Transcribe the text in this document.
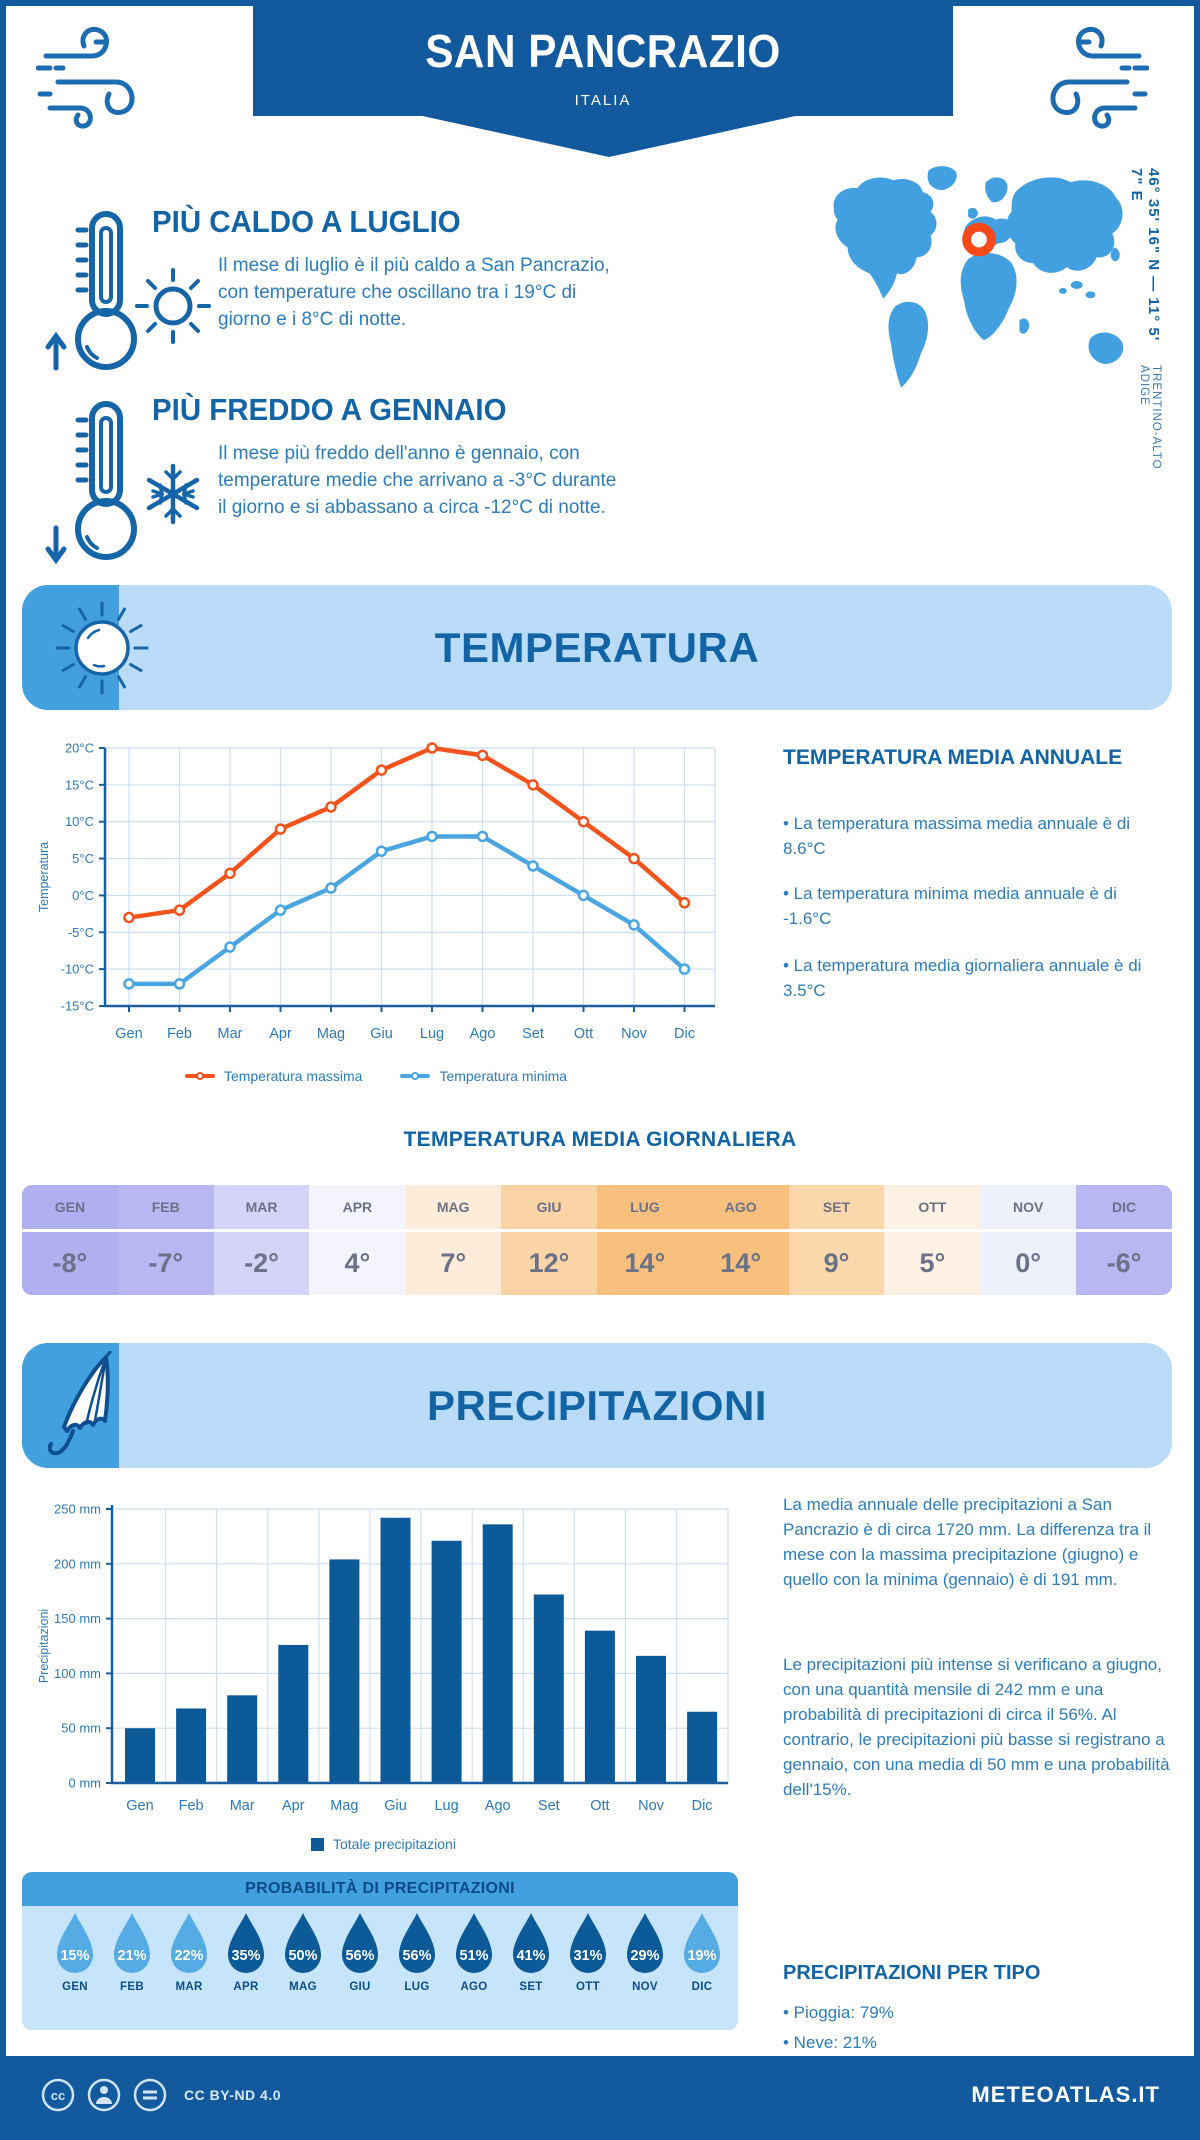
SAN PANCRAZIO
ITALIA
PIÙ CALDO A LUGLIO
Il mese di luglio è il più caldo a San Pancrazio, con temperature che oscillano tra i 19°C di giorno e i 8°C di notte.
PIÙ FREDDO A GENNAIO
Il mese più freddo dell'anno è gennaio, con temperature medie che arrivano a -3°C durante il giorno e si abbassano a circa -12°C di notte.
46° 35' 16" N — 11° 5' 7" E
TRENTINO-ALTO ADIGE
TEMPERATURA
-15°C
-10°C
-5°C
0°C
5°C
10°C
15°C
20°C
Gen Feb Mar Apr Mag Giu Lug Ago Set Ott Nov Dic
Temperatura
Temperatura massima	Temperatura minima
TEMPERATURA MEDIA ANNUALE
• La temperatura massima media annuale è di 8.6°C
• La temperatura minima media annuale è di -1.6°C
• La temperatura media giornaliera annuale è di 3.5°C
TEMPERATURA MEDIA GIORNALIERA
GEN
-8°
FEB
-7°
MAR
-2°
APR
4°
MAG
7°
GIU
12°
LUG
14°
AGO
14°
SET
9°
OTT
5°
NOV
0°
DIC
-6°
PRECIPITAZIONI
0 mm
50 mm
100 mm
150 mm
200 mm
250 mm
Gen Feb Mar Apr Mag Giu Lug Ago Set Ott Nov Dic
Precipitazioni
Totale precipitazioni
La media annuale delle precipitazioni a San Pancrazio è di circa 1720 mm. La differenza tra il mese con la massima precipitazione (giugno) e quello con la minima (gennaio) è di 191 mm.
Le precipitazioni più intense si verificano a giugno, con una quantità mensile di 242 mm e una probabilità di precipitazioni di circa il 56%. Al contrario, le precipitazioni più basse si registrano a gennaio, con una media di 50 mm e una probabilità dell'15%.
PROBABILITÀ DI PRECIPITAZIONI
15%
GEN
21%
FEB
22%
MAR
35%
APR
50%
MAG
56%
GIU
56%
LUG
51%
AGO
41%
SET
31%
OTT
29%
NOV
19%
DIC
PRECIPITAZIONI PER TIPO
• Pioggia: 79%
• Neve: 21%
cc	CC BY-ND 4.0	METEOATLAS.IT
